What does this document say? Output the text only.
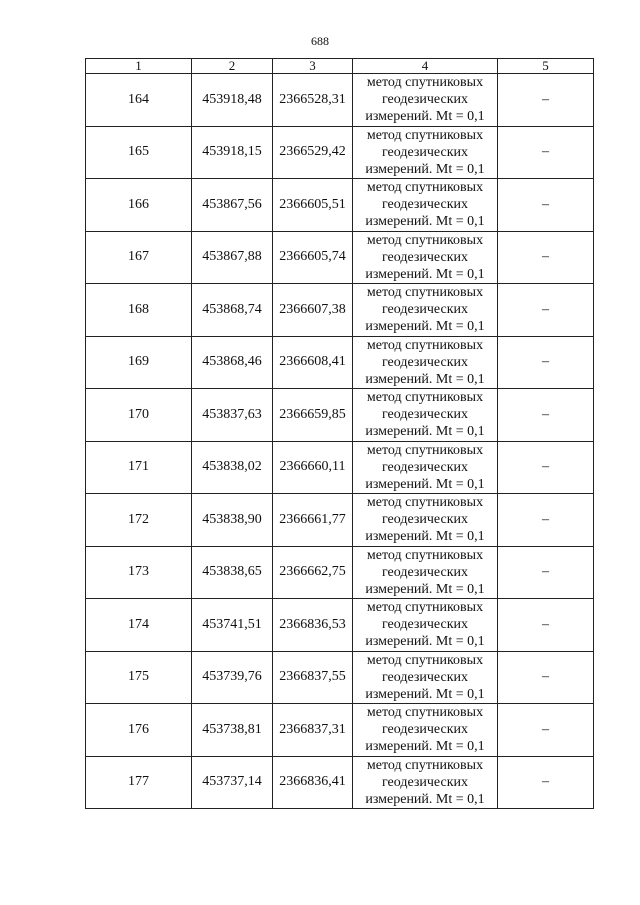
688
1	2	3	4	5
164	453918,48	2366528,31	метод спутниковых
геодезических
измерений. Mt = 0,1	–
165	453918,15	2366529,42	метод спутниковых
геодезических
измерений. Mt = 0,1	–
166	453867,56	2366605,51	метод спутниковых
геодезических
измерений. Mt = 0,1	–
167	453867,88	2366605,74	метод спутниковых
геодезических
измерений. Mt = 0,1	–
168	453868,74	2366607,38	метод спутниковых
геодезических
измерений. Mt = 0,1	–
169	453868,46	2366608,41	метод спутниковых
геодезических
измерений. Mt = 0,1	–
170	453837,63	2366659,85	метод спутниковых
геодезических
измерений. Mt = 0,1	–
171	453838,02	2366660,11	метод спутниковых
геодезических
измерений. Mt = 0,1	–
172	453838,90	2366661,77	метод спутниковых
геодезических
измерений. Mt = 0,1	–
173	453838,65	2366662,75	метод спутниковых
геодезических
измерений. Mt = 0,1	–
174	453741,51	2366836,53	метод спутниковых
геодезических
измерений. Mt = 0,1	–
175	453739,76	2366837,55	метод спутниковых
геодезических
измерений. Mt = 0,1	–
176	453738,81	2366837,31	метод спутниковых
геодезических
измерений. Mt = 0,1	–
177	453737,14	2366836,41	метод спутниковых
геодезических
измерений. Mt = 0,1	–
